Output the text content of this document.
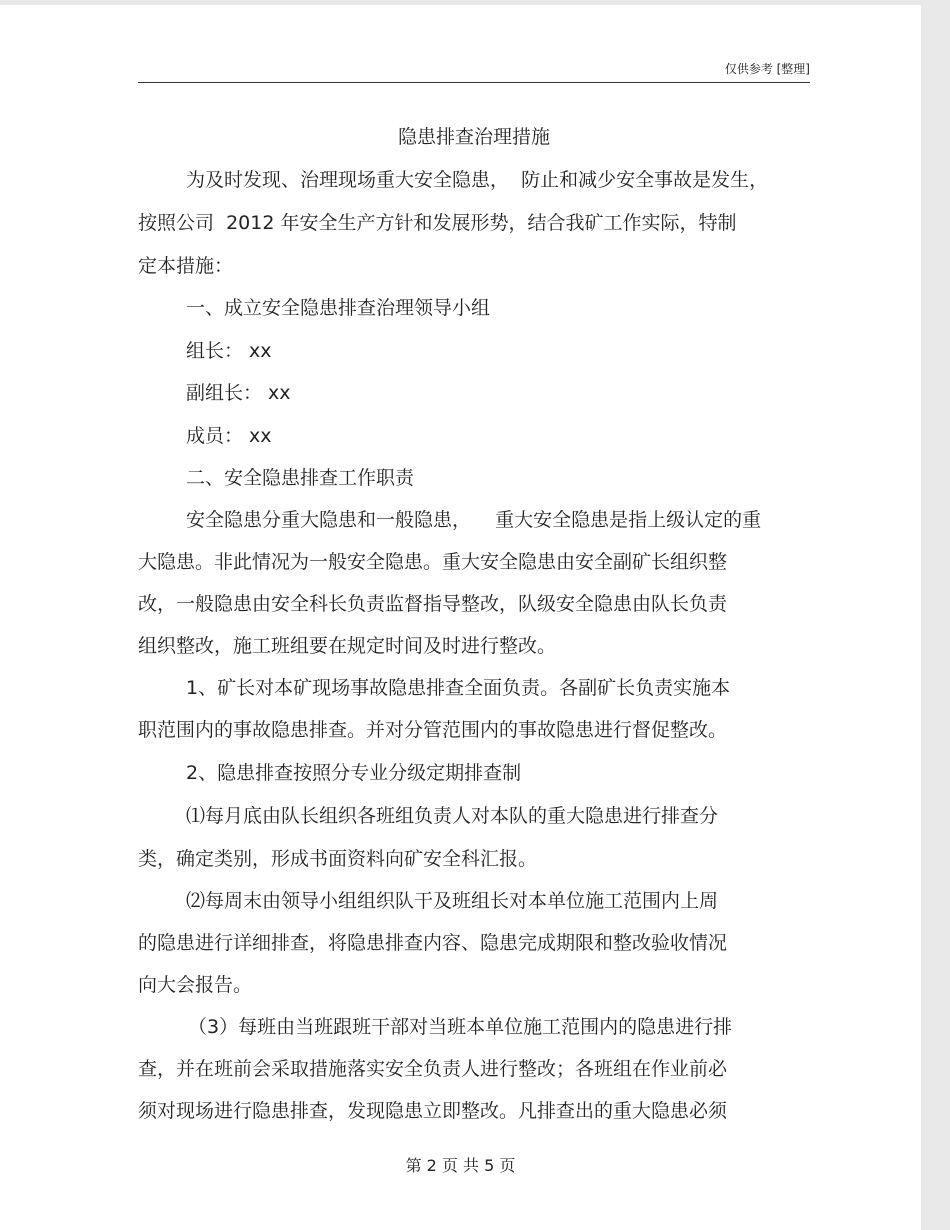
仅供参考 [整理]
隐患排查治理措施
为及时发现、治理现场重大安全隐患，  防止和减少安全事故是发生，
按照公司  2012 年安全生产方针和发展形势，结合我矿工作实际，特制
定本措施：
一、成立安全隐患排查治理领导小组
组长： xx
副组长： xx
成员： xx
二、安全隐患排查工作职责
安全隐患分重大隐患和一般隐患，    重大安全隐患是指上级认定的重
大隐患。非此情况为一般安全隐患。重大安全隐患由安全副矿长组织整
改，一般隐患由安全科长负责监督指导整改，队级安全隐患由队长负责
组织整改，施工班组要在规定时间及时进行整改。
1、矿长对本矿现场事故隐患排查全面负责。各副矿长负责实施本
职范围内的事故隐患排查。并对分管范围内的事故隐患进行督促整改。
2、隐患排查按照分专业分级定期排查制
⑴每月底由队长组织各班组负责人对本队的重大隐患进行排查分
类，确定类别，形成书面资料向矿安全科汇报。
⑵每周末由领导小组组织队干及班组长对本单位施工范围内上周
的隐患进行详细排查，将隐患排查内容、隐患完成期限和整改验收情况
向大会报告。
（3）每班由当班跟班干部对当班本单位施工范围内的隐患进行排
查，并在班前会采取措施落实安全负责人进行整改；各班组在作业前必
须对现场进行隐患排查，发现隐患立即整改。凡排查出的重大隐患必须
第 2 页 共 5 页
